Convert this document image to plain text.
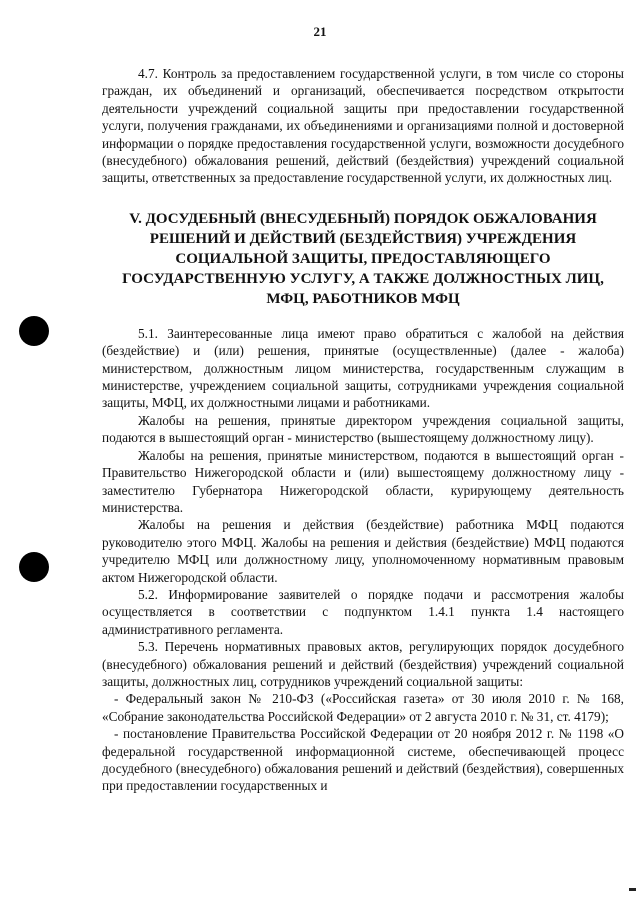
21

4.7. Контроль за предоставлением государственной услуги, в том числе со стороны граждан, их объединений и организаций, обеспечивается посредством открытости деятельности учреждений социальной защиты при предоставлении государственной услуги, получения гражданами, их объединениями и организациями полной и достоверной информации о порядке предоставления государственной услуги, возможности досудебного (внесудебного) обжалования решений, действий (бездействия) учреждений социальной защиты, ответственных за предоставление государственной услуги, их должностных лиц.

V. ДОСУДЕБНЫЙ (ВНЕСУДЕБНЫЙ) ПОРЯДОК ОБЖАЛОВАНИЯ РЕШЕНИЙ И ДЕЙСТВИЙ (БЕЗДЕЙСТВИЯ) УЧРЕЖДЕНИЯ СОЦИАЛЬНОЙ ЗАЩИТЫ, ПРЕДОСТАВЛЯЮЩЕГО ГОСУДАРСТВЕННУЮ УСЛУГУ, А ТАКЖЕ ДОЛЖНОСТНЫХ ЛИЦ, МФЦ, РАБОТНИКОВ МФЦ

5.1. Заинтересованные лица имеют право обратиться с жалобой на действия (бездействие) и (или) решения, принятые (осуществленные) (далее - жалоба) министерством, должностным лицом министерства, государственным служащим в министерстве, учреждением социальной защиты, сотрудниками учреждения социальной защиты, МФЦ, их должностными лицами и работниками.

Жалобы на решения, принятые директором учреждения социальной защиты, подаются в вышестоящий орган - министерство (вышестоящему должностному лицу).

Жалобы на решения, принятые министерством, подаются в вышестоящий орган - Правительство Нижегородской области и (или) вышестоящему должностному лицу - заместителю Губернатора Нижегородской области, курирующему деятельность министерства.

Жалобы на решения и действия (бездействие) работника МФЦ подаются руководителю этого МФЦ. Жалобы на решения и действия (бездействие) МФЦ подаются учредителю МФЦ или должностному лицу, уполномоченному нормативным правовым актом Нижегородской области.

5.2. Информирование заявителей о порядке подачи и рассмотрения жалобы осуществляется в соответствии с подпунктом 1.4.1 пункта 1.4 настоящего административного регламента.

5.3. Перечень нормативных правовых актов, регулирующих порядок досудебного (внесудебного) обжалования решений и действий (бездействия) учреждений социальной защиты, должностных лиц, сотрудников учреждений социальной защиты:

- Федеральный закон № 210-ФЗ («Российская газета» от 30 июля 2010 г. № 168, «Собрание законодательства Российской Федерации» от 2 августа 2010 г. № 31, ст. 4179);

- постановление Правительства Российской Федерации от 20 ноября 2012 г. № 1198 «О федеральной государственной информационной системе, обеспечивающей процесс досудебного (внесудебного) обжалования решений и действий (бездействия), совершенных при предоставлении государственных и
